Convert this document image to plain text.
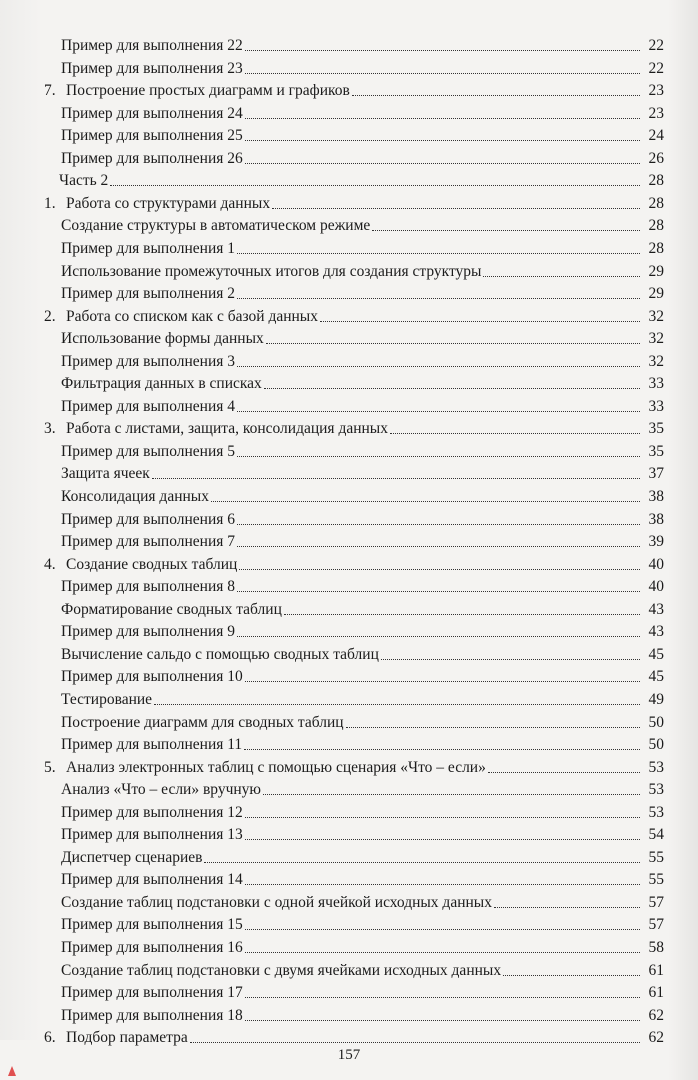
Пример для выполнения 22	22
Пример для выполнения 23	22
7. Построение простых диаграмм и графиков	23
Пример для выполнения 24	23
Пример для выполнения 25	24
Пример для выполнения 26	26
Часть 2	28
1. Работа со структурами данных	28
Создание структуры в автоматическом режиме	28
Пример для выполнения 1	28
Использование промежуточных итогов для создания структуры	29
Пример для выполнения 2	29
2. Работа со списком как с базой данных	32
Использование формы данных	32
Пример для выполнения 3	32
Фильтрация данных в списках	33
Пример для выполнения 4	33
3. Работа с листами, защита, консолидация данных	35
Пример для выполнения 5	35
Защита ячеек	37
Консолидация данных	38
Пример для выполнения 6	38
Пример для выполнения 7	39
4. Создание сводных таблиц	40
Пример для выполнения 8	40
Форматирование сводных таблиц	43
Пример для выполнения 9	43
Вычисление сальдо с помощью сводных таблиц	45
Пример для выполнения 10	45
Тестирование	49
Построение диаграмм для сводных таблиц	50
Пример для выполнения 11	50
5. Анализ электронных таблиц с помощью сценария «Что – если»	53
Анализ «Что – если» вручную	53
Пример для выполнения 12	53
Пример для выполнения 13	54
Диспетчер сценариев	55
Пример для выполнения 14	55
Создание таблиц подстановки с одной ячейкой исходных данных	57
Пример для выполнения 15	57
Пример для выполнения 16	58
Создание таблиц подстановки с двумя ячейками исходных данных	61
Пример для выполнения 17	61
Пример для выполнения 18	62
6. Подбор параметра	62
157
